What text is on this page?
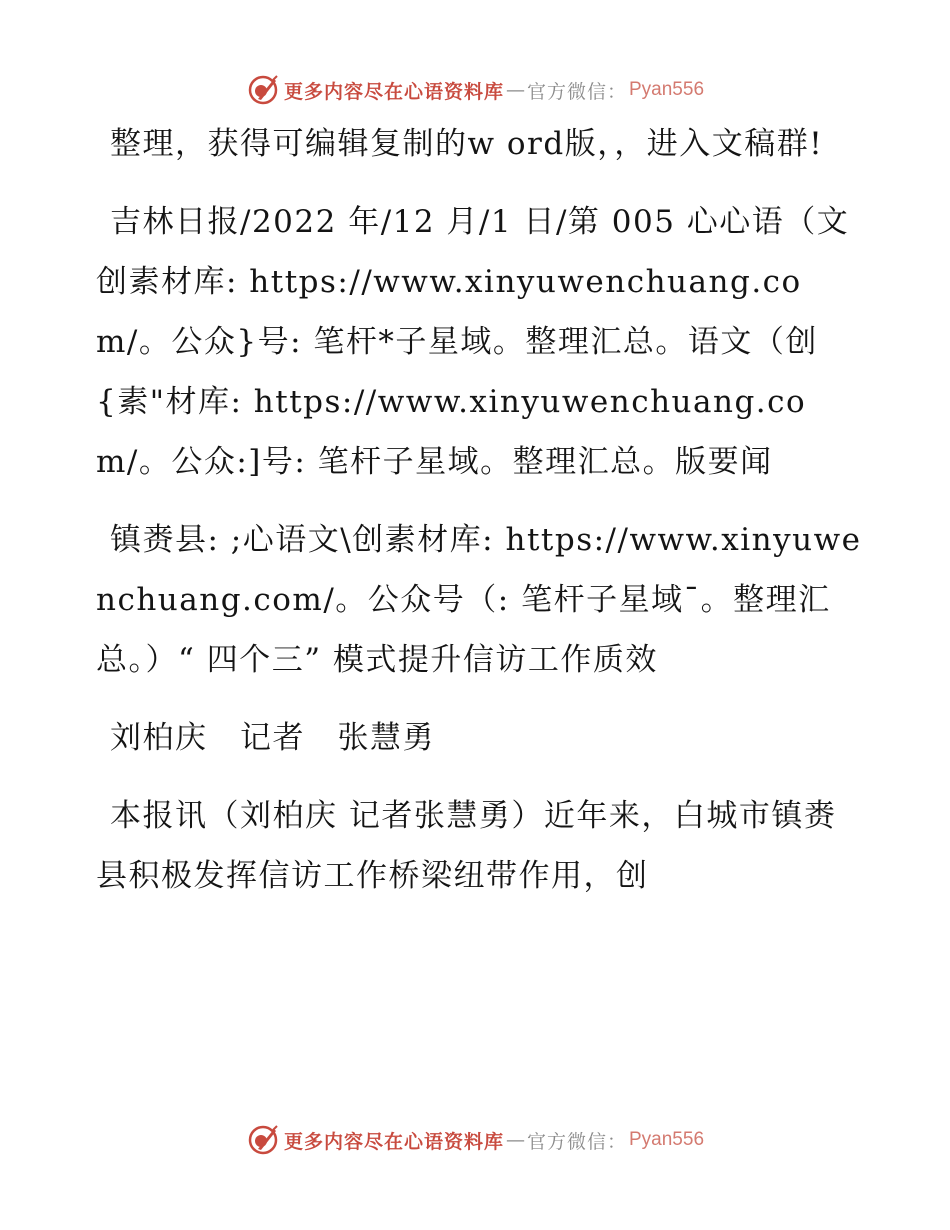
更多内容尽在心语资料库 — 官方微信： Pyan556

整理，获得可编辑复制的w ord版，，进入文稿群!

吉林日报/2022 年/12 月/1 日/第 005 心心语（文创素材库: https://www.xinyuwenchuang.com/。公众}号: 笔杆*子星域。整理汇总。语文（创{素"材库: https://www.xinyuwenchuang.com/。公众:]号: 笔杆子星域。整理汇总。版要闻

镇赉县: ;心语文\创素材库: https://www.xinyuwenchuang.com/。公众号（: 笔杆子星域¯。整理汇总。）“ 四个三” 模式提升信访工作质效

刘柏庆　记者　张慧勇

本报讯（刘柏庆 记者张慧勇）近年来，白城市镇赉县积极发挥信访工作桥梁纽带作用，创

更多内容尽在心语资料库 — 官方微信： Pyan556
